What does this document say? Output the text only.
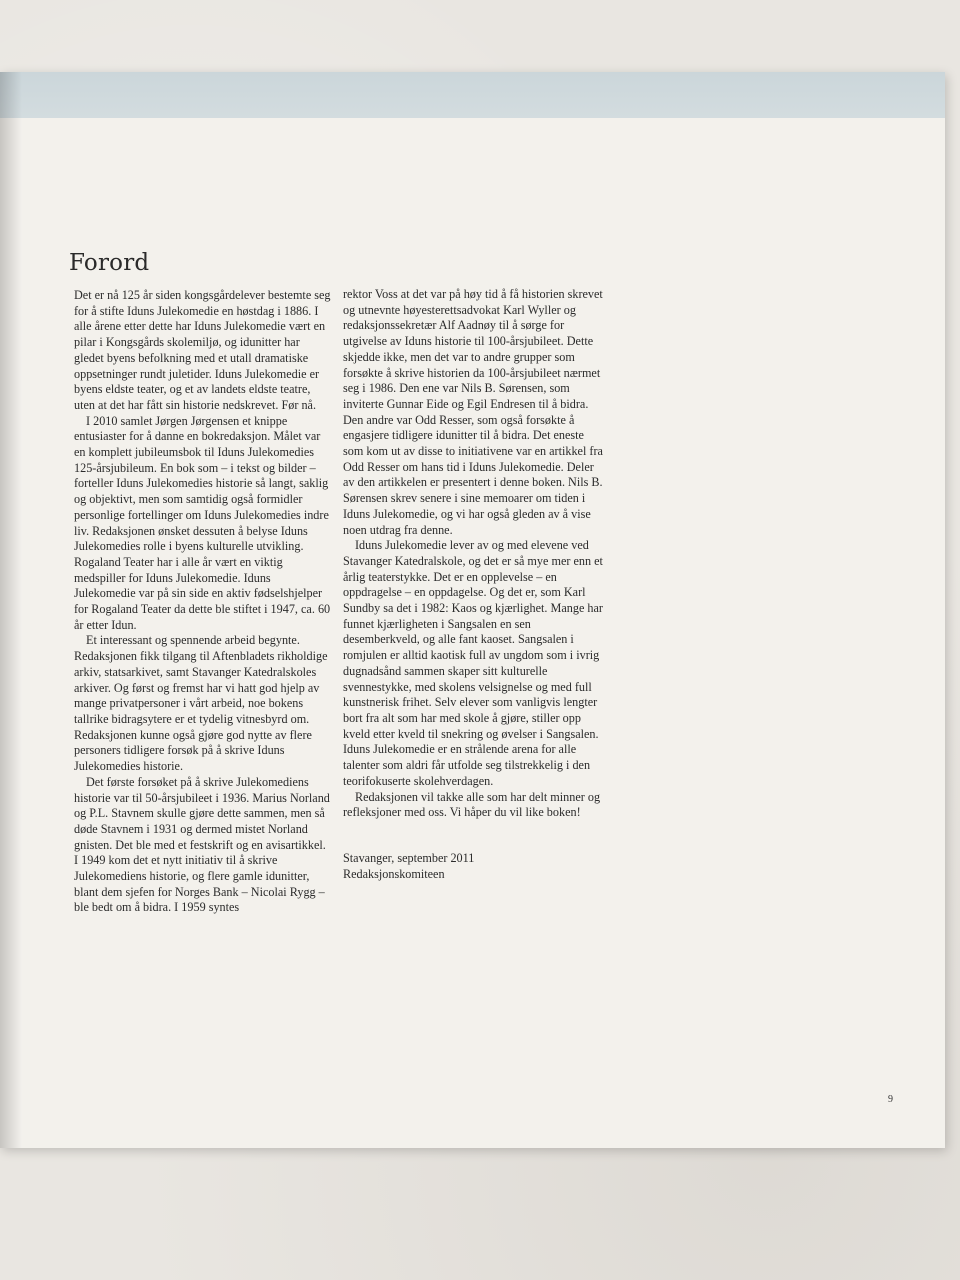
Forord

Det er nå 125 år siden kongsgårdelever bestemte seg for å stifte Iduns Julekomedie en høstdag i 1886. I alle årene etter dette har Iduns Julekomedie vært en pilar i Kongsgårds skolemiljø, og idunitter har gledet byens befolkning med et utall dramatiske oppsetninger rundt juletider. Iduns Julekomedie er byens eldste teater, og et av landets eldste teatre, uten at det har fått sin historie nedskrevet. Før nå.

I 2010 samlet Jørgen Jørgensen et knippe entusiaster for å danne en bokredaksjon. Målet var en komplett jubileumsbok til Iduns Julekomedies 125-årsjubileum. En bok som – i tekst og bilder – forteller Iduns Julekomedies historie så langt, saklig og objektivt, men som samtidig også formidler personlige fortellinger om Iduns Julekomedies indre liv. Redaksjonen ønsket dessuten å belyse Iduns Julekomedies rolle i byens kulturelle utvikling. Rogaland Teater har i alle år vært en viktig medspiller for Iduns Julekomedie. Iduns Julekomedie var på sin side en aktiv fødselshjelper for Rogaland Teater da dette ble stiftet i 1947, ca. 60 år etter Idun.

Et interessant og spennende arbeid begynte. Redaksjonen fikk tilgang til Aftenbladets rikholdige arkiv, statsarkivet, samt Stavanger Katedralskoles arkiver. Og først og fremst har vi hatt god hjelp av mange privatpersoner i vårt arbeid, noe bokens tallrike bidragsytere er et tydelig vitnesbyrd om. Redaksjonen kunne også gjøre god nytte av flere personers tidligere forsøk på å skrive Iduns Julekomedies historie.

Det første forsøket på å skrive Julekomediens historie var til 50-årsjubileet i 1936. Marius Norland og P.L. Stavnem skulle gjøre dette sammen, men så døde Stavnem i 1931 og dermed mistet Norland gnisten. Det ble med et festskrift og en avisartikkel. I 1949 kom det et nytt initiativ til å skrive Julekomediens historie, og flere gamle idunitter, blant dem sjefen for Norges Bank – Nicolai Rygg – ble bedt om å bidra. I 1959 syntes

rektor Voss at det var på høy tid å få historien skrevet og utnevnte høyesterettsadvokat Karl Wyller og redaksjonssekretær Alf Aadnøy til å sørge for utgivelse av Iduns historie til 100-årsjubileet. Dette skjedde ikke, men det var to andre grupper som forsøkte å skrive historien da 100-årsjubileet nærmet seg i 1986. Den ene var Nils B. Sørensen, som inviterte Gunnar Eide og Egil Endresen til å bidra. Den andre var Odd Resser, som også forsøkte å engasjere tidligere idunitter til å bidra. Det eneste som kom ut av disse to initiativene var en artikkel fra Odd Resser om hans tid i Iduns Julekomedie. Deler av den artikkelen er presentert i denne boken. Nils B. Sørensen skrev senere i sine memoarer om tiden i Iduns Julekomedie, og vi har også gleden av å vise noen utdrag fra denne.

Iduns Julekomedie lever av og med elevene ved Stavanger Katedralskole, og det er så mye mer enn et årlig teaterstykke. Det er en opplevelse – en oppdragelse – en oppdagelse. Og det er, som Karl Sundby sa det i 1982: Kaos og kjærlighet. Mange har funnet kjærligheten i Sangsalen en sen desemberkveld, og alle fant kaoset. Sangsalen i romjulen er alltid kaotisk full av ungdom som i ivrig dugnadsånd sammen skaper sitt kulturelle svennestykke, med skolens velsignelse og med full kunstnerisk frihet. Selv elever som vanligvis lengter bort fra alt som har med skole å gjøre, stiller opp kveld etter kveld til snekring og øvelser i Sangsalen. Iduns Julekomedie er en strålende arena for alle talenter som aldri får utfolde seg tilstrekkelig i den teorifokuserte skolehverdagen.

Redaksjonen vil takke alle som har delt minner og refleksjoner med oss. Vi håper du vil like boken!

Stavanger, september 2011
Redaksjonskomiteen
9
